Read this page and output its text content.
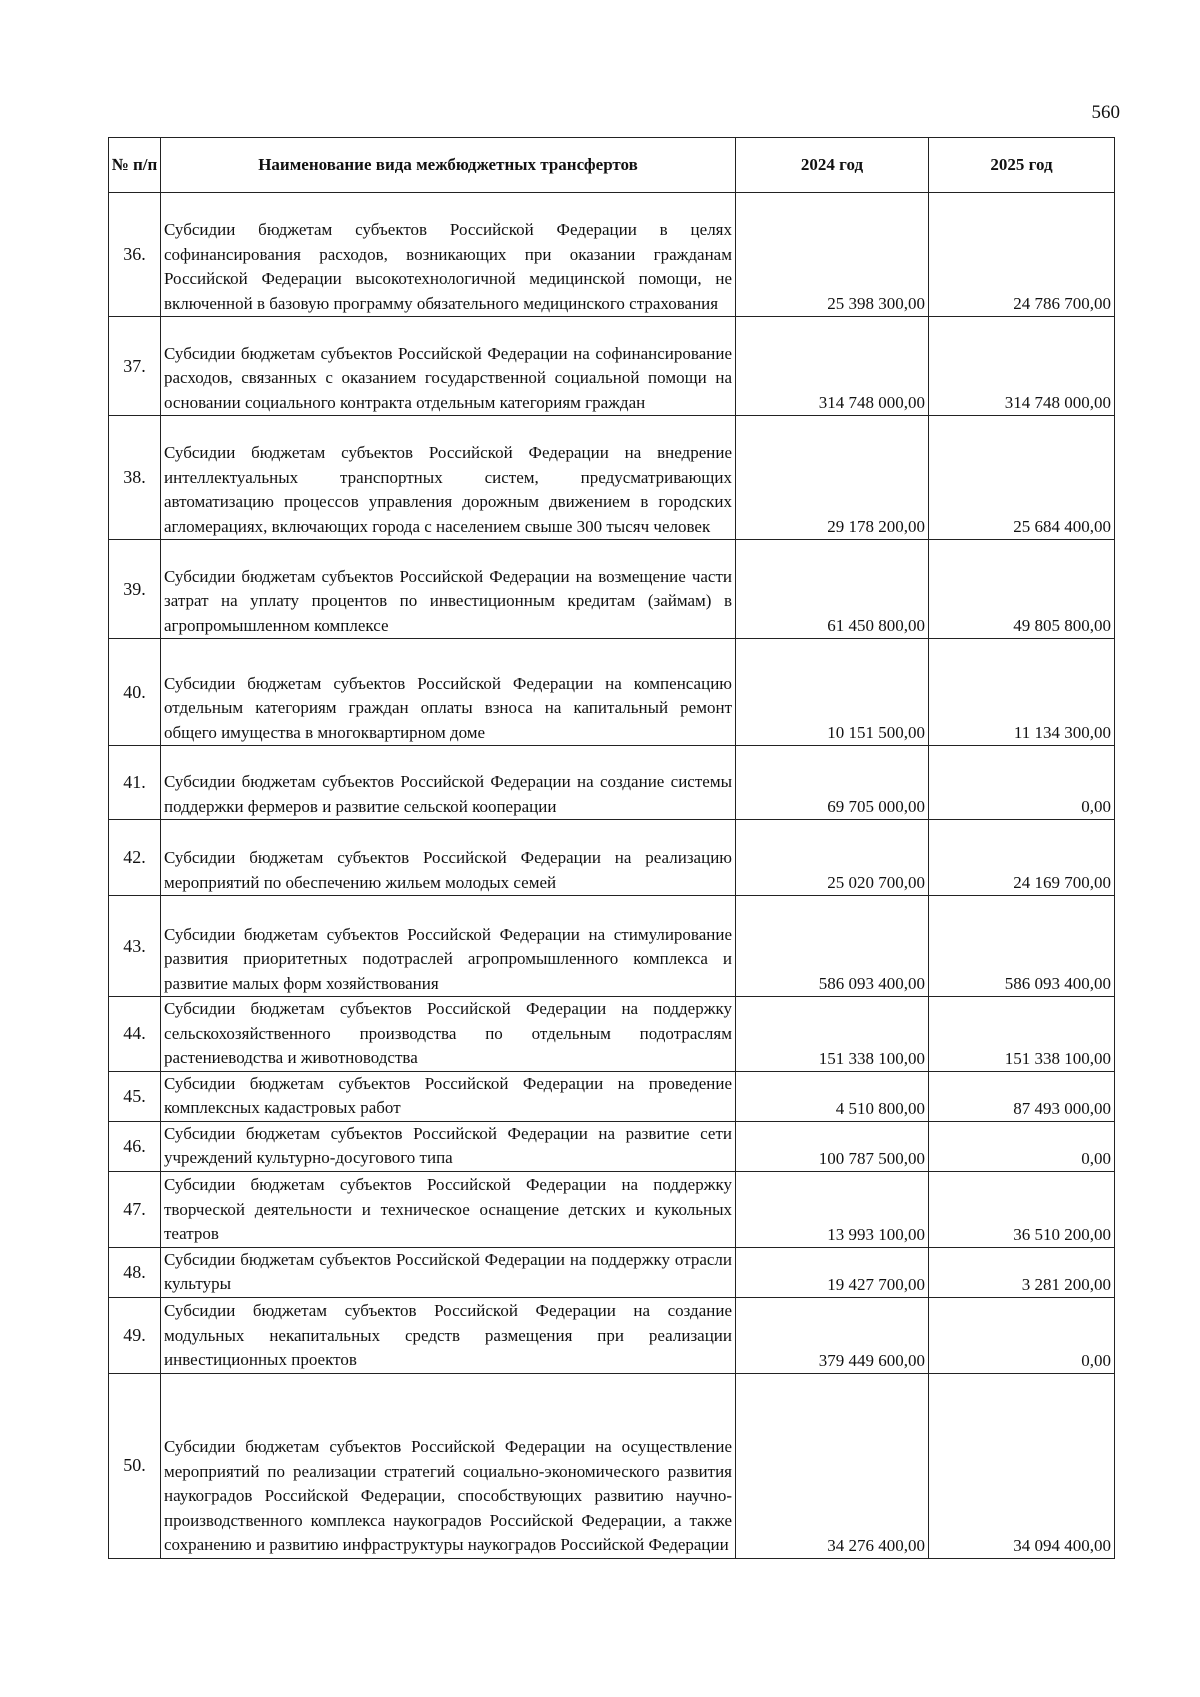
560
№ п/п	Наименование вида межбюджетных трансфертов	2024 год	2025 год
36.	Субсидии бюджетам субъектов Российской Федерации в целях софинансирования расходов, возникающих при оказании гражданам Российской Федерации высокотехнологичной медицинской помощи, не включенной в базовую программу обязательного медицинского страхования	25 398 300,00	24 786 700,00
37.	Субсидии бюджетам субъектов Российской Федерации на софинансирование расходов, связанных с оказанием государственной социальной помощи на основании социального контракта отдельным категориям граждан	314 748 000,00	314 748 000,00
38.	Субсидии бюджетам субъектов Российской Федерации на внедрение интеллектуальных транспортных систем, предусматривающих автоматизацию процессов управления дорожным движением в городских агломерациях, включающих города с населением свыше 300 тысяч человек	29 178 200,00	25 684 400,00
39.	Субсидии бюджетам субъектов Российской Федерации на возмещение части затрат на уплату процентов по инвестиционным кредитам (займам) в агропромышленном комплексе	61 450 800,00	49 805 800,00
40.	Субсидии бюджетам субъектов Российской Федерации на компенсацию отдельным категориям граждан оплаты взноса на капитальный ремонт общего имущества в многоквартирном доме	10 151 500,00	11 134 300,00
41.	Субсидии бюджетам субъектов Российской Федерации на создание системы поддержки фермеров и развитие сельской кооперации	69 705 000,00	0,00
42.	Субсидии бюджетам субъектов Российской Федерации на реализацию мероприятий по обеспечению жильем молодых семей	25 020 700,00	24 169 700,00
43.	Субсидии бюджетам субъектов Российской Федерации на стимулирование развития приоритетных подотраслей агропромышленного комплекса и развитие малых форм хозяйствования	586 093 400,00	586 093 400,00
44.	Субсидии бюджетам субъектов Российской Федерации на поддержку сельскохозяйственного производства по отдельным подотраслям растениеводства и животноводства	151 338 100,00	151 338 100,00
45.	Субсидии бюджетам субъектов Российской Федерации на проведение комплексных кадастровых работ	4 510 800,00	87 493 000,00
46.	Субсидии бюджетам субъектов Российской Федерации на развитие сети учреждений культурно-досугового типа	100 787 500,00	0,00
47.	Субсидии бюджетам субъектов Российской Федерации на поддержку творческой деятельности и техническое оснащение детских и кукольных театров	13 993 100,00	36 510 200,00
48.	Субсидии бюджетам субъектов Российской Федерации на поддержку отрасли культуры	19 427 700,00	3 281 200,00
49.	Субсидии бюджетам субъектов Российской Федерации на создание модульных некапитальных средств размещения при реализации инвестиционных проектов	379 449 600,00	0,00
50.	Субсидии бюджетам субъектов Российской Федерации на осуществление мероприятий по реализации стратегий социально-экономического развития наукоградов Российской Федерации, способствующих развитию научно-производственного комплекса наукоградов Российской Федерации, а также сохранению и развитию инфраструктуры наукоградов Российской Федерации	34 276 400,00	34 094 400,00
